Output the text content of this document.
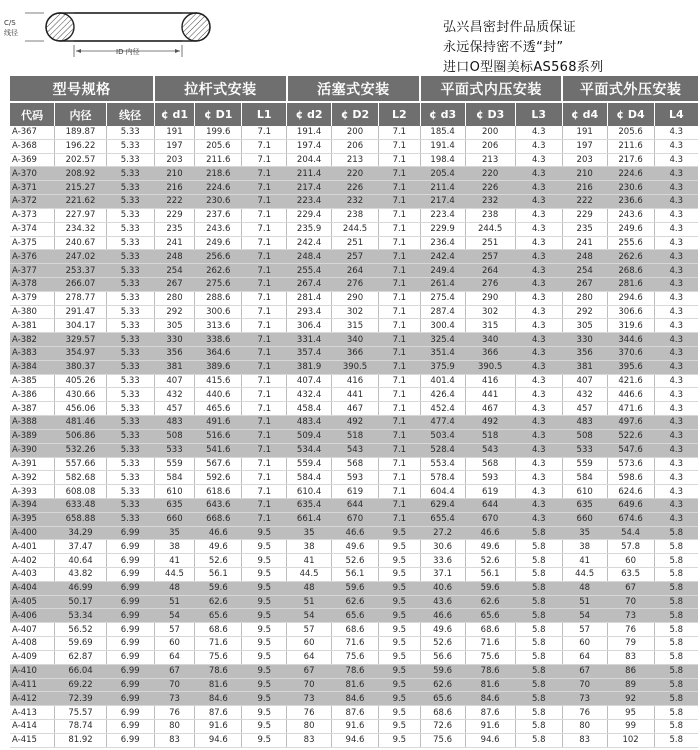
C/S
线径
ID 内径
弘兴昌密封件品质保证
永远保持密不透“封”
进口O型圈美标AS568系列
型号规格			拉杆式安装			活塞式安装			平面式内压安装			平面式外压安装		
代码	内径	线径	¢ d1	¢ D1	L1	¢ d2	¢ D2	L2	¢ d3	¢ D3	L3	¢ d4	¢ D4	L4
A-367	189.87	5.33	191	199.6	7.1	191.4	200	7.1	185.4	200	4.3	191	205.6	4.3
A-368	196.22	5.33	197	205.6	7.1	197.4	206	7.1	191.4	206	4.3	197	211.6	4.3
A-369	202.57	5.33	203	211.6	7.1	204.4	213	7.1	198.4	213	4.3	203	217.6	4.3
A-370	208.92	5.33	210	218.6	7.1	211.4	220	7.1	205.4	220	4.3	210	224.6	4.3
A-371	215.27	5.33	216	224.6	7.1	217.4	226	7.1	211.4	226	4.3	216	230.6	4.3
A-372	221.62	5.33	222	230.6	7.1	223.4	232	7.1	217.4	232	4.3	222	236.6	4.3
A-373	227.97	5.33	229	237.6	7.1	229.4	238	7.1	223.4	238	4.3	229	243.6	4.3
A-374	234.32	5.33	235	243.6	7.1	235.9	244.5	7.1	229.9	244.5	4.3	235	249.6	4.3
A-375	240.67	5.33	241	249.6	7.1	242.4	251	7.1	236.4	251	4.3	241	255.6	4.3
A-376	247.02	5.33	248	256.6	7.1	248.4	257	7.1	242.4	257	4.3	248	262.6	4.3
A-377	253.37	5.33	254	262.6	7.1	255.4	264	7.1	249.4	264	4.3	254	268.6	4.3
A-378	266.07	5.33	267	275.6	7.1	267.4	276	7.1	261.4	276	4.3	267	281.6	4.3
A-379	278.77	5.33	280	288.6	7.1	281.4	290	7.1	275.4	290	4.3	280	294.6	4.3
A-380	291.47	5.33	292	300.6	7.1	293.4	302	7.1	287.4	302	4.3	292	306.6	4.3
A-381	304.17	5.33	305	313.6	7.1	306.4	315	7.1	300.4	315	4.3	305	319.6	4.3
A-382	329.57	5.33	330	338.6	7.1	331.4	340	7.1	325.4	340	4.3	330	344.6	4.3
A-383	354.97	5.33	356	364.6	7.1	357.4	366	7.1	351.4	366	4.3	356	370.6	4.3
A-384	380.37	5.33	381	389.6	7.1	381.9	390.5	7.1	375.9	390.5	4.3	381	395.6	4.3
A-385	405.26	5.33	407	415.6	7.1	407.4	416	7.1	401.4	416	4.3	407	421.6	4.3
A-386	430.66	5.33	432	440.6	7.1	432.4	441	7.1	426.4	441	4.3	432	446.6	4.3
A-387	456.06	5.33	457	465.6	7.1	458.4	467	7.1	452.4	467	4.3	457	471.6	4.3
A-388	481.46	5.33	483	491.6	7.1	483.4	492	7.1	477.4	492	4.3	483	497.6	4.3
A-389	506.86	5.33	508	516.6	7.1	509.4	518	7.1	503.4	518	4.3	508	522.6	4.3
A-390	532.26	5.33	533	541.6	7.1	534.4	543	7.1	528.4	543	4.3	533	547.6	4.3
A-391	557.66	5.33	559	567.6	7.1	559.4	568	7.1	553.4	568	4.3	559	573.6	4.3
A-392	582.68	5.33	584	592.6	7.1	584.4	593	7.1	578.4	593	4.3	584	598.6	4.3
A-393	608.08	5.33	610	618.6	7.1	610.4	619	7.1	604.4	619	4.3	610	624.6	4.3
A-394	633.48	5.33	635	643.6	7.1	635.4	644	7.1	629.4	644	4.3	635	649.6	4.3
A-395	658.88	5.33	660	668.6	7.1	661.4	670	7.1	655.4	670	4.3	660	674.6	4.3
A-400	34.29	6.99	35	46.6	9.5	35	46.6	9.5	27.2	46.6	5.8	35	54.4	5.8
A-401	37.47	6.99	38	49.6	9.5	38	49.6	9.5	30.6	49.6	5.8	38	57.8	5.8
A-402	40.64	6.99	41	52.6	9.5	41	52.6	9.5	33.6	52.6	5.8	41	60	5.8
A-403	43.82	6.99	44.5	56.1	9.5	44.5	56.1	9.5	37.1	56.1	5.8	44.5	63.5	5.8
A-404	46.99	6.99	48	59.6	9.5	48	59.6	9.5	40.6	59.6	5.8	48	67	5.8
A-405	50.17	6.99	51	62.6	9.5	51	62.6	9.5	43.6	62.6	5.8	51	70	5.8
A-406	53.34	6.99	54	65.6	9.5	54	65.6	9.5	46.6	65.6	5.8	54	73	5.8
A-407	56.52	6.99	57	68.6	9.5	57	68.6	9.5	49.6	68.6	5.8	57	76	5.8
A-408	59.69	6.99	60	71.6	9.5	60	71.6	9.5	52.6	71.6	5.8	60	79	5.8
A-409	62.87	6.99	64	75.6	9.5	64	75.6	9.5	56.6	75.6	5.8	64	83	5.8
A-410	66.04	6.99	67	78.6	9.5	67	78.6	9.5	59.6	78.6	5.8	67	86	5.8
A-411	69.22	6.99	70	81.6	9.5	70	81.6	9.5	62.6	81.6	5.8	70	89	5.8
A-412	72.39	6.99	73	84.6	9.5	73	84.6	9.5	65.6	84.6	5.8	73	92	5.8
A-413	75.57	6.99	76	87.6	9.5	76	87.6	9.5	68.6	87.6	5.8	76	95	5.8
A-414	78.74	6.99	80	91.6	9.5	80	91.6	9.5	72.6	91.6	5.8	80	99	5.8
A-415	81.92	6.99	83	94.6	9.5	83	94.6	9.5	75.6	94.6	5.8	83	102	5.8
